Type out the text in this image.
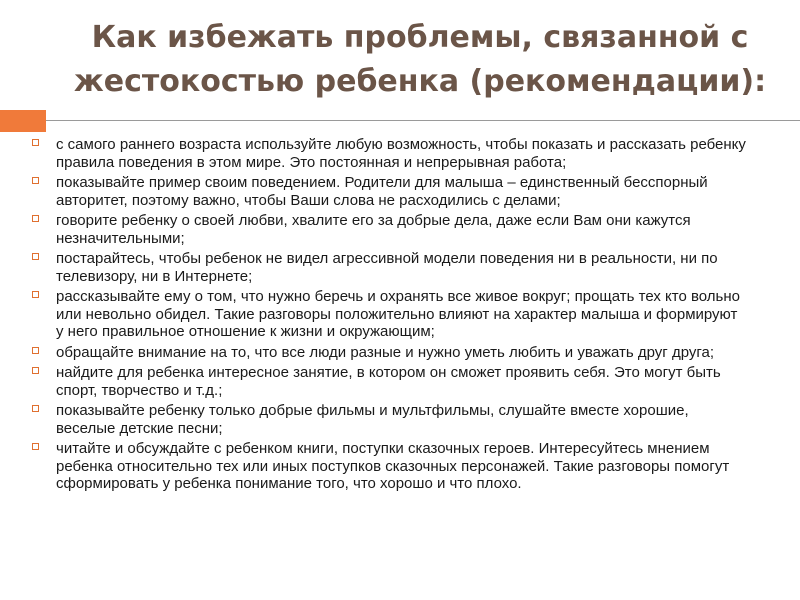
Как избежать проблемы, связанной с жестокостью ребенка (рекомендации):
с самого раннего возраста используйте любую возможность, чтобы показать и рассказать ребенку правила поведения в этом мире. Это постоянная и непрерывная работа;
показывайте пример своим поведением. Родители для малыша – единственный бесспорный авторитет, поэтому важно, чтобы Ваши слова не расходились с делами;
говорите ребенку о своей любви, хвалите его за добрые дела, даже если Вам они кажутся незначительными;
постарайтесь, чтобы ребенок не видел агрессивной модели поведения ни в реальности, ни по телевизору, ни в Интернете;
рассказывайте ему о том, что нужно беречь и охранять все живое вокруг; прощать тех кто вольно или невольно обидел. Такие разговоры положительно влияют на характер малыша и формируют у него правильное отношение к жизни и окружающим;
обращайте внимание на то, что все люди разные и нужно уметь любить и уважать друг друга;
найдите для ребенка интересное занятие, в котором он сможет проявить себя. Это могут быть спорт, творчество и т.д.;
показывайте ребенку только добрые фильмы и мультфильмы, слушайте вместе хорошие, веселые детские песни;
читайте и обсуждайте с ребенком книги, поступки сказочных героев. Интересуйтесь мнением ребенка относительно тех или иных поступков сказочных персонажей. Такие разговоры помогут сформировать у ребенка понимание того, что хорошо и что плохо.
